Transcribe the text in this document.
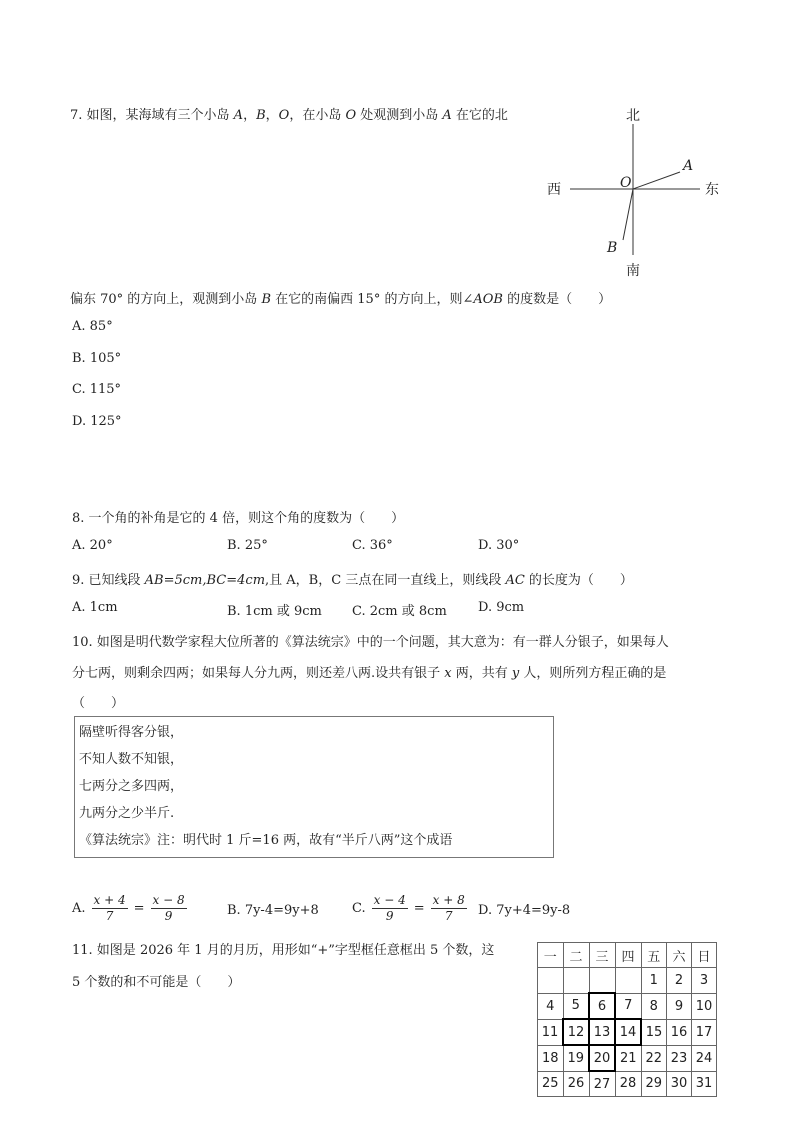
7. 如图，某海域有三个小岛 A，B，O，在小岛 O 处观测到小岛 A 在它的北	北
南
西	东
O
A
B
偏东 70° 的方向上，观测到小岛 B 在它的南偏西 15° 的方向上，则∠AOB 的度数是（　　）
A. 85°
B. 105°
C. 115°
D. 125°
8. 一个角的补角是它的 4 倍，则这个角的度数为（　　）
A. 20°	B. 25°	C. 36°	D. 30°
9. 已知线段 AB=5cm,BC=4cm,且 A，B，C 三点在同一直线上，则线段 AC 的长度为（　　）
A. 1cm	B. 1cm 或 9cm C. 2cm 或 8cm D. 9cm
10. 如图是明代数学家程大位所著的《算法统宗》中的一个问题，其大意为：有一群人分银子，如果每人
分七两，则剩余四两；如果每人分九两，则还差八两.设共有银子 x 两，共有 y 人，则所列方程正确的是
（　　）
隔壁听得客分银，
不知人数不知银，
七两分之多四两，
九两分之少半斤.
《算法统宗》注：明代时 1 斤=16 两，故有“半斤八两”这个成语
A. $\frac{x + 4}{7} = \frac{x - 8}{9}$	B. 7y-4=9y+8	C. $\frac{x - 4}{9} = \frac{x + 8}{7} D$. 7y+4=9y-8
11. 如图是 2026 年 1 月的月历，用形如“+”字型框任意框出 5 个数，这
5 个数的和不可能是（　　）
一	二	三	四	五	六	日
				1	2	3
4	5	6	7	8	9	10
11	12	13	14	15	16	17
18	19	20	21	22	23	24
25	26	27	28	29	30	31
